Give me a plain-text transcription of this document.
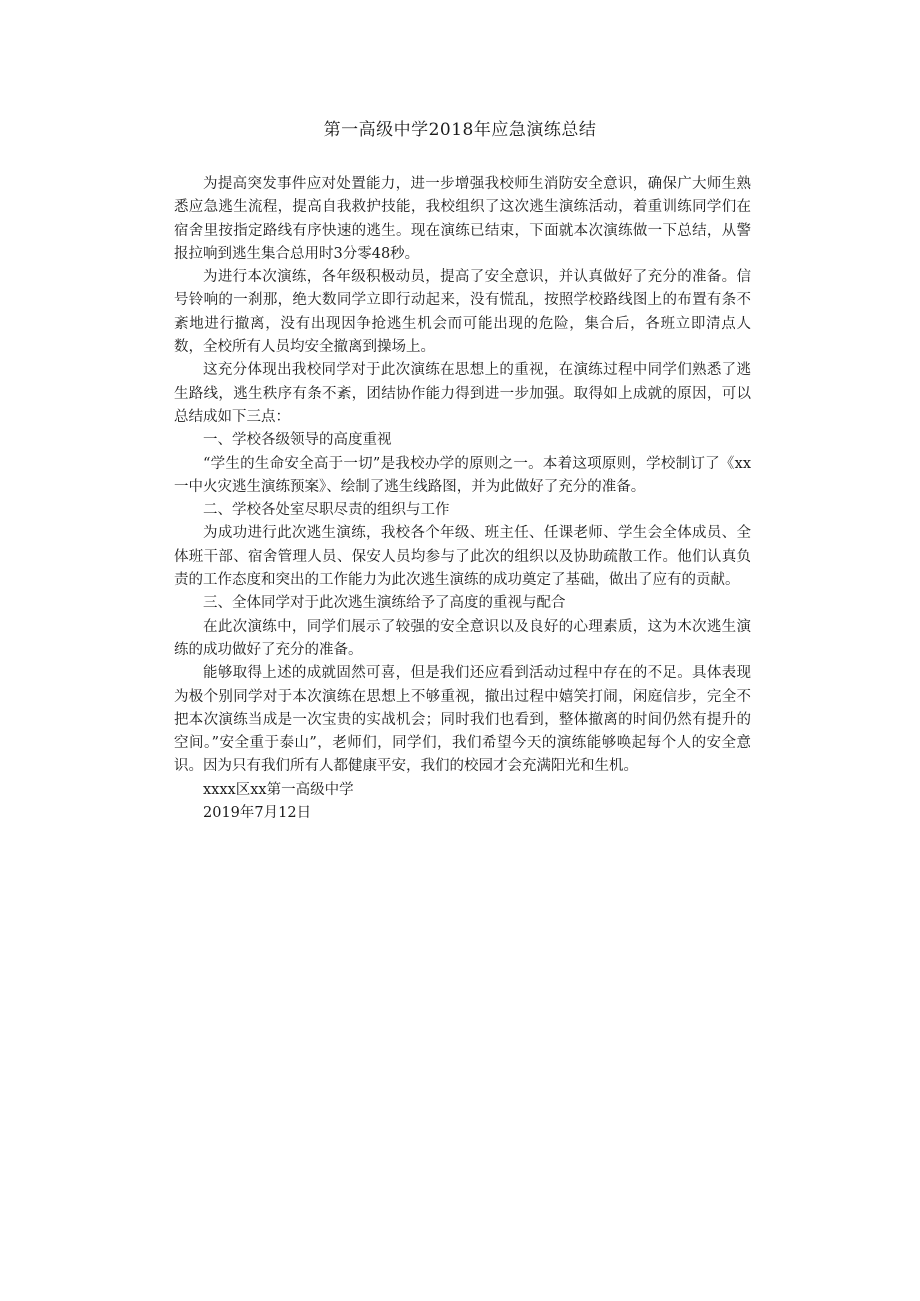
第一高级中学2018年应急演练总结

为提高突发事件应对处置能力，进一步增强我校师生消防安全意识，确保广大师生熟悉应急逃生流程，提高自我救护技能，我校组织了这次逃生演练活动，着重训练同学们在宿舍里按指定路线有序快速的逃生。现在演练已结束，下面就本次演练做一下总结，从警报拉响到逃生集合总用时3分零48秒。

为进行本次演练，各年级积极动员，提高了安全意识，并认真做好了充分的准备。信号铃响的一刹那，绝大数同学立即行动起来，没有慌乱，按照学校路线图上的布置有条不紊地进行撤离，没有出现因争抢逃生机会而可能出现的危险，集合后，各班立即清点人数，全校所有人员均安全撤离到操场上。

这充分体现出我校同学对于此次演练在思想上的重视，在演练过程中同学们熟悉了逃生路线，逃生秩序有条不紊，团结协作能力得到进一步加强。取得如上成就的原因，可以总结成如下三点：

一、学校各级领导的高度重视

“学生的生命安全高于一切”是我校办学的原则之一。本着这项原则，学校制订了《xx一中火灾逃生演练预案》、绘制了逃生线路图，并为此做好了充分的准备。

二、学校各处室尽职尽责的组织与工作

为成功进行此次逃生演练，我校各个年级、班主任、任课老师、学生会全体成员、全体班干部、宿舍管理人员、保安人员均参与了此次的组织以及协助疏散工作。他们认真负责的工作态度和突出的工作能力为此次逃生演练的成功奠定了基础，做出了应有的贡献。

三、全体同学对于此次逃生演练给予了高度的重视与配合

在此次演练中，同学们展示了较强的安全意识以及良好的心理素质，这为木次逃生演练的成功做好了充分的准备。

能够取得上述的成就固然可喜，但是我们还应看到活动过程中存在的不足。具体表现为极个别同学对于本次演练在思想上不够重视，撤出过程中嬉笑打闹，闲庭信步，完全不把本次演练当成是一次宝贵的实战机会；同时我们也看到，整体撤离的时间仍然有提升的空间。”安全重于泰山”，老师们，同学们，我们希望今天的演练能够唤起每个人的安全意识。因为只有我们所有人都健康平安，我们的校园才会充满阳光和生机。

xxxx区xx第一高级中学

2019年7月12日
